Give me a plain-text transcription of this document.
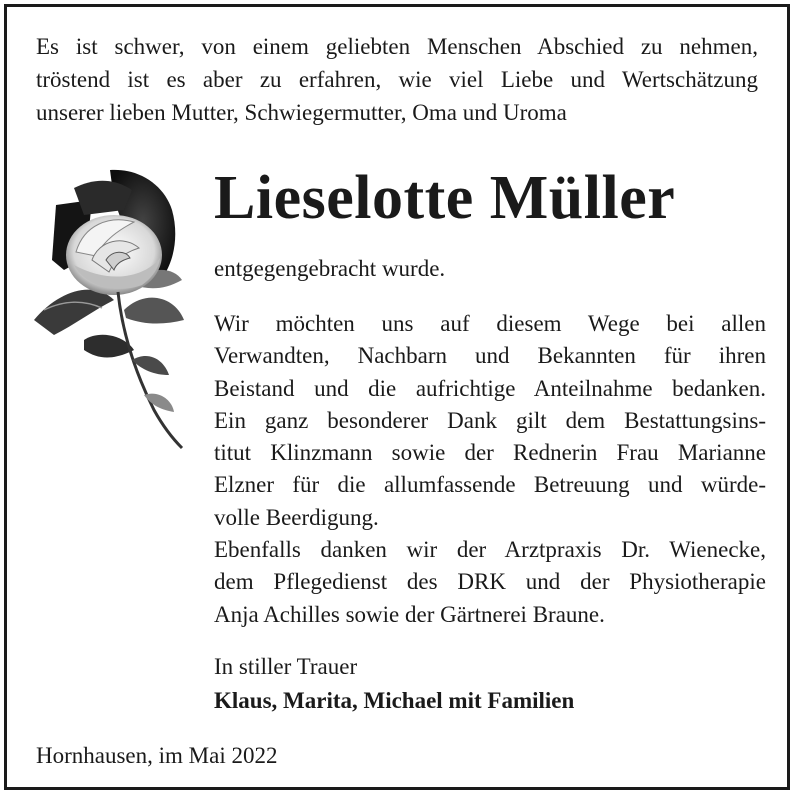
Es ist schwer, von einem geliebten Menschen Abschied zu nehmen,
tröstend ist es aber zu erfahren, wie viel Liebe und Wertschätzung
unserer lieben Mutter, Schwiegermutter, Oma und Uroma
Lieselotte Müller
entgegengebracht wurde.
Wir möchten uns auf diesem Wege bei allen
Verwandten, Nachbarn und Bekannten für ihren
Beistand und die aufrichtige Anteilnahme bedanken.
Ein ganz besonderer Dank gilt dem Bestattungsins-
titut Klinzmann sowie der Rednerin Frau Marianne
Elzner für die allumfassende Betreuung und würde-
volle Beerdigung.
Ebenfalls danken wir der Arztpraxis Dr. Wienecke,
dem Pflegedienst des DRK und der Physiotherapie
Anja Achilles sowie der Gärtnerei Braune.
In stiller Trauer
Klaus, Marita, Michael mit Familien
Hornhausen, im Mai 2022
